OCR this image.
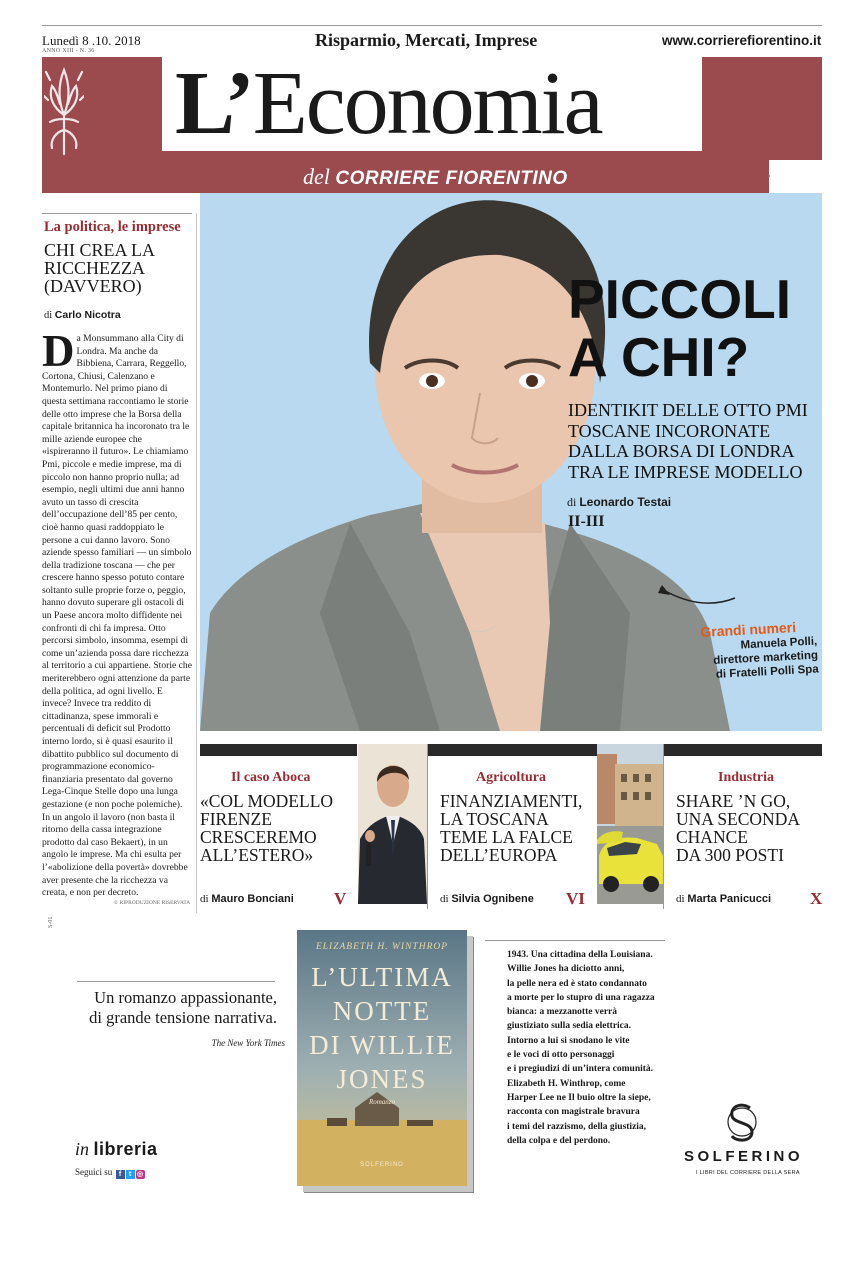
Lunedì 8 .10. 2018
ANNO XIII - N. 36
Risparmio, Mercati, Imprese	www.corrierefiorentino.it
L’Economia
del CORRIERE FIORENTINO
La politica, le imprese
CHI CREA LA RICCHEZZA (DAVVERO)
di Carlo Nicotra
Da Monsummano alla City di Londra. Ma anche da Bibbiena, Carrara, Reggello, Cortona, Chiusi, Calenzano e Montemurlo. Nel primo piano di questa settimana raccontiamo le storie delle otto imprese che la Borsa della capitale britannica ha incoronato tra le mille aziende europee che «ispireranno il futuro». Le chiamiamo Pmi, piccole e medie imprese, ma di piccolo non hanno proprio nulla; ad esempio, negli ultimi due anni hanno avuto un tasso di crescita dell’occupazione dell’85 per cento, cioè hanno quasi raddoppiato le persone a cui danno lavoro. Sono aziende spesso familiari — un simbolo della tradizione toscana — che per crescere hanno spesso potuto contare soltanto sulle proprie forze o, peggio, hanno dovuto superare gli ostacoli di un Paese ancora molto diffidente nei confronti di chi fa impresa. Otto percorsi simbolo, insomma, esempi di come un’azienda possa dare ricchezza al territorio a cui appartiene. Storie che meriterebbero ogni attenzione da parte della politica, ad ogni livello. E invece? Invece tra reddito di cittadinanza, spese immorali e percentuali di deficit sul Prodotto interno lordo, si è quasi esaurito il dibattito pubblico sul documento di programmazione economico-finanziaria presentato dal governo Lega-Cinque Stelle dopo una lunga gestazione (e non poche polemiche). In un angolo il lavoro (non basta il ritorno della cassa integrazione prodotto dal caso Bekaert), in un angolo le imprese. Ma chi esulta per l’«abolizione della povertà» dovrebbe aver presente che la ricchezza va creata, e non per decreto.
© RIPRODUZIONE RISERVATA
PICCOLI
A CHI?
IDENTIKIT DELLE OTTO PMI TOSCANE INCORONATE DALLA BORSA DI LONDRA TRA LE IMPRESE MODELLO
di Leonardo Testai
II-III
Grandi numeri
Manuela Polli,
direttore marketing
di Fratelli Polli Spa
Il caso Aboca
«COL MODELLO
FIRENZE
CRESCEREMO
ALL’ESTERO»
di Mauro Bonciani V
Agricoltura
FINANZIAMENTI,
LA TOSCANA
TEME LA FALCE
DELL’EUROPA
di Silvia Ognibene VI
Industria
SHARE ’N GO,
UNA SECONDA
CHANCE
DA 300 POSTI
di Marta Panicucci X
S-01
Un romanzo appassionante,
di grande tensione narrativa.
The New York Times
in libreria
Seguici su f t ◎
ELIZABETH H. WINTHROP
L’ULTIMA
NOTTE
DI WILLIE
JONES
Romanzo
SOLFERINO
1943. Una cittadina della Louisiana.
Willie Jones ha diciotto anni,
la pelle nera ed è stato condannato
a morte per lo stupro di una ragazza
bianca: a mezzanotte verrà
giustiziato sulla sedia elettrica.
Intorno a lui si snodano le vite
e le voci di otto personaggi
e i pregiudizi di un’intera comunità.
Elizabeth H. Winthrop, come
Harper Lee ne Il buio oltre la siepe,
racconta con magistrale bravura
i temi del razzismo, della giustizia,
della colpa e del perdono.
SOLFERINO
I LIBRI DEL CORRIERE DELLA SERA
